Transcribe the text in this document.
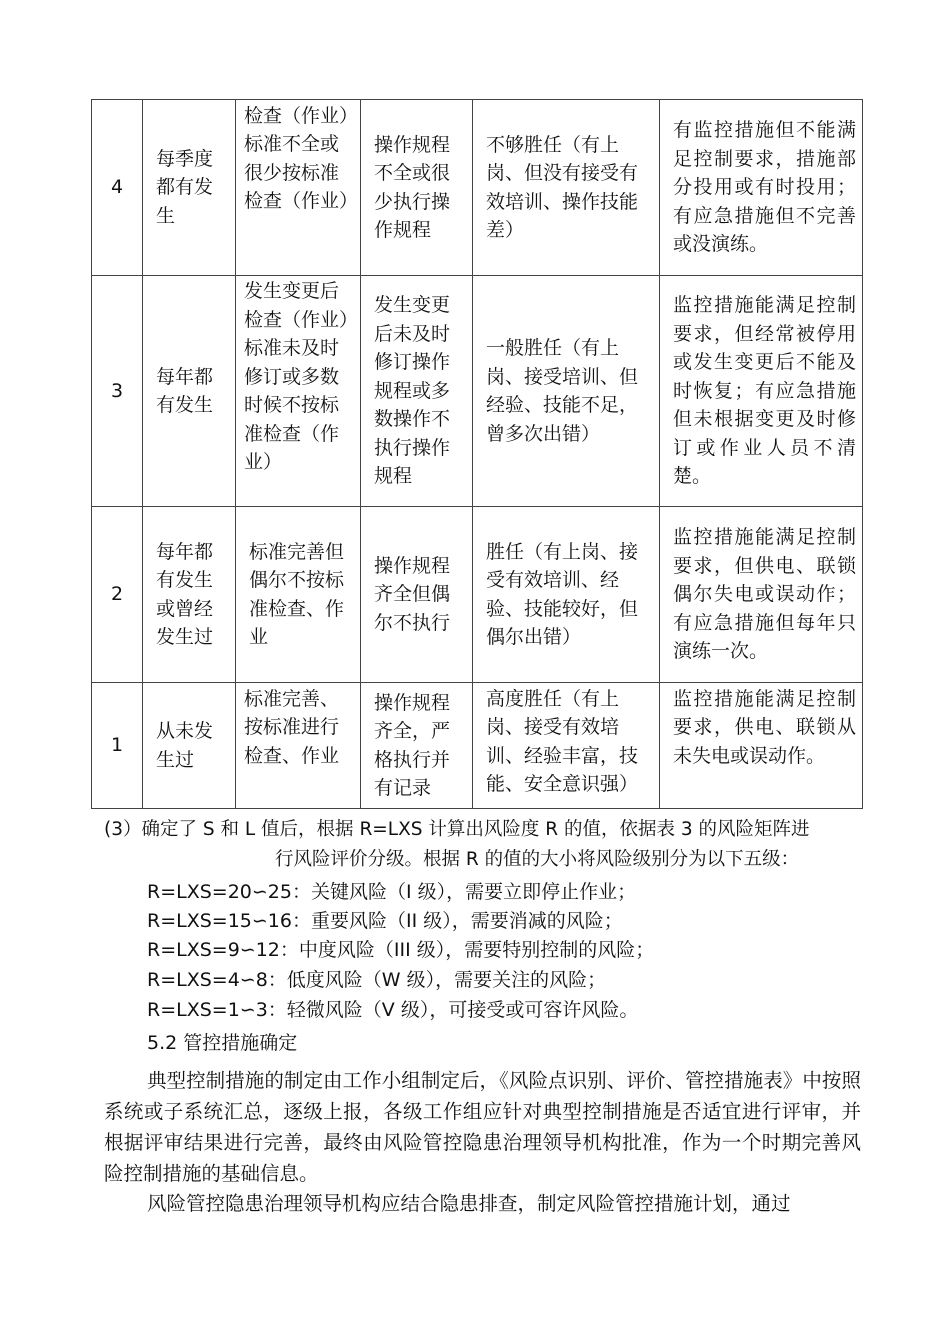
4	每季度都有发生	检查（作业）标准不全或很少按标准检查（作业）	操作规程不全或很少执行操作规程	不够胜任（有上岗、但没有接受有效培训、操作技能差）	有监控措施但不能满足控制要求，措施部分投用或有时投用；有应急措施但不完善或没演练。

3	每年都有发生	发生变更后检查（作业）标准未及时修订或多数时候不按标准检查（作业）	发生变更后未及时修订操作规程或多数操作不执行操作规程	一般胜任（有上岗、接受培训、但经验、技能不足，曾多次出错）	监控措施能满足控制要求，但经常被停用或发生变更后不能及时恢复；有应急措施但未根据变更及时修订或作业人员不清楚。

2	每年都有发生或曾经发生过	标准完善但偶尔不按标准检查、作业	操作规程齐全但偶尔不执行	胜任（有上岗、接受有效培训、经验、技能较好，但偶尔出错）	监控措施能满足控制要求，但供电、联锁偶尔失电或误动作；有应急措施但每年只演练一次。

1	从未发生过	标准完善、按标准进行检查、作业	操作规程齐全，严格执行并有记录	高度胜任（有上岗、接受有效培训、经验丰富，技能、安全意识强）	监控措施能满足控制要求，供电、联锁从未失电或误动作。
(3）确定了 S 和 L 值后，根据 R=LXS 计算出风险度 R 的值，依据表 3 的风险矩阵进
行风险评价分级。根据 R 的值的大小将风险级别分为以下五级：
R=LXS=20∽25：关键风险（I 级），需要立即停止作业；
R=LXS=15∽16：重要风险（II 级），需要消减的风险；
R=LXS=9∽12：中度风险（III 级），需要特别控制的风险；
R=LXS=4∽8：低度风险（W 级），需要关注的风险；
R=LXS=1∽3：轻微风险（V 级），可接受或可容许风险。
5.2 管控措施确定
典型控制措施的制定由工作小组制定后，《风险点识别、评价、管控措施表》中按照系统或子系统汇总，逐级上报，各级工作组应针对典型控制措施是否适宜进行评审，并根据评审结果进行完善，最终由风险管控隐患治理领导机构批准，作为一个时期完善风险控制措施的基础信息。
风险管控隐患治理领导机构应结合隐患排查，制定风险管控措施计划，通过
